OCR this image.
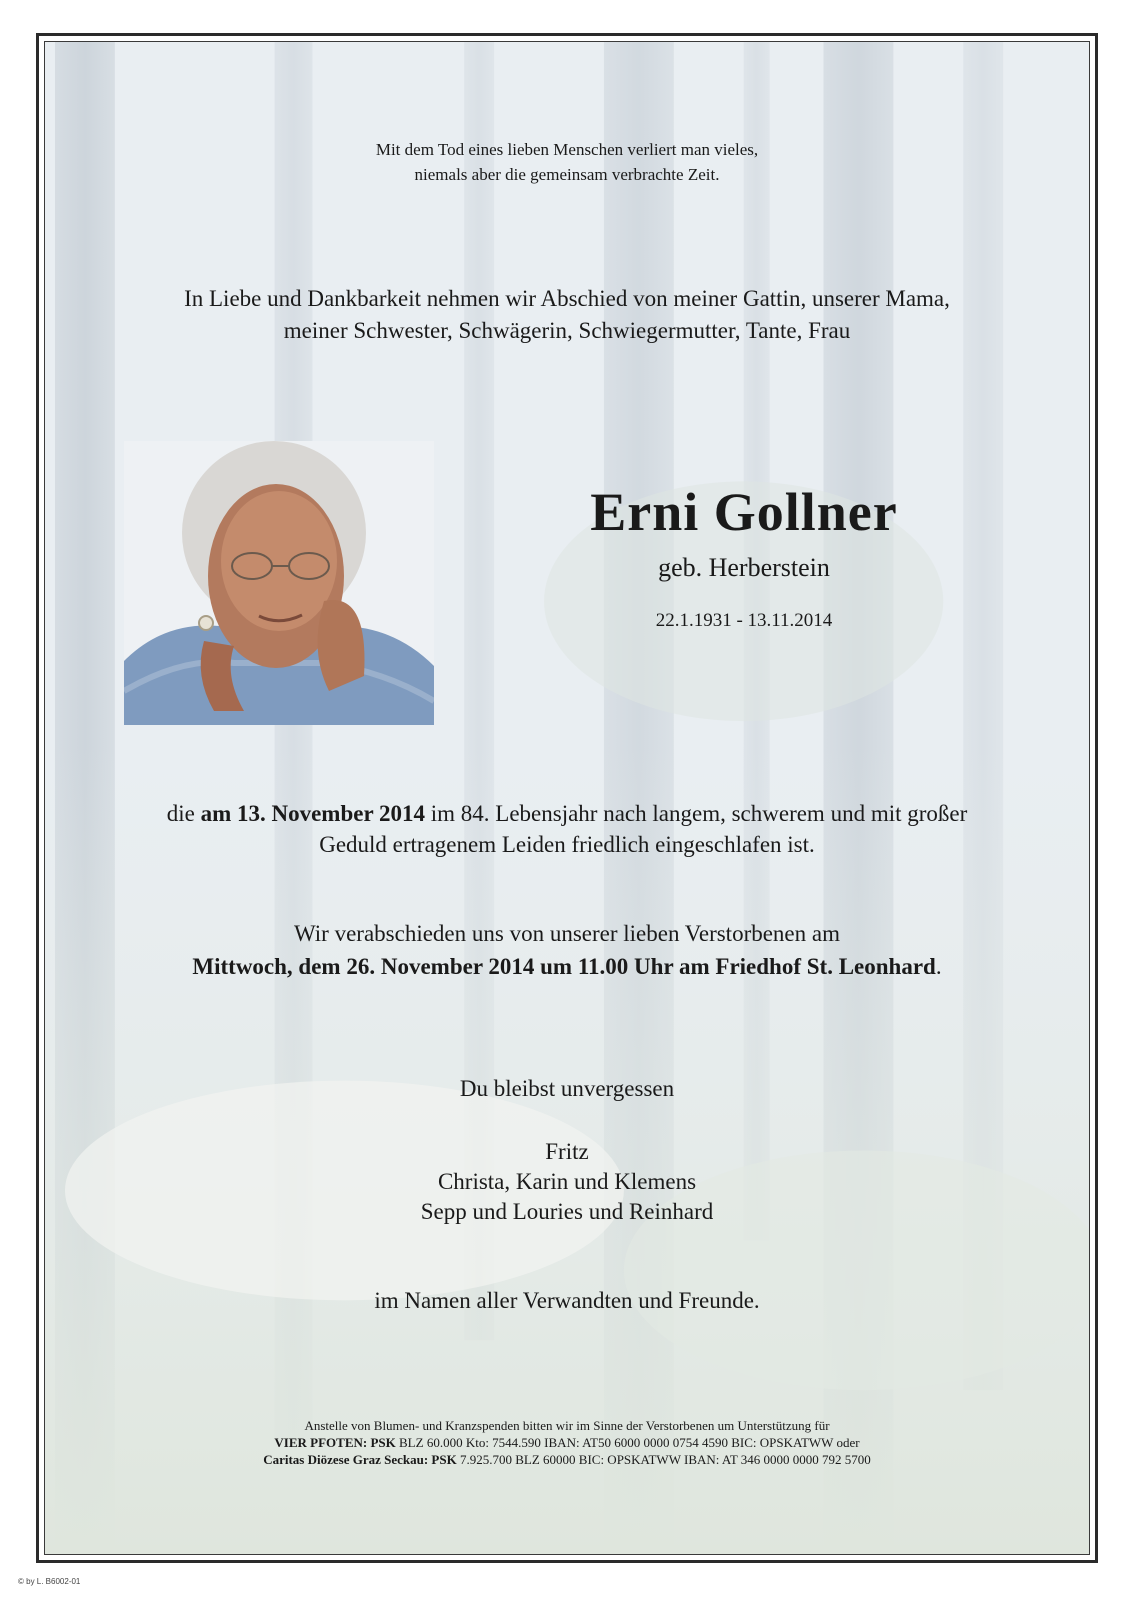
Mit dem Tod eines lieben Menschen verliert man vieles,
niemals aber die gemeinsam verbrachte Zeit.
In Liebe und Dankbarkeit nehmen wir Abschied von meiner Gattin, unserer Mama,
meiner Schwester, Schwägerin, Schwiegermutter, Tante, Frau
Erni Gollner
geb. Herberstein
22.1.1931 - 13.11.2014
die am 13. November 2014 im 84. Lebensjahr nach langem, schwerem und mit großer
Geduld ertragenem Leiden friedlich eingeschlafen ist.
Wir verabschieden uns von unserer lieben Verstorbenen am
Mittwoch, dem 26. November 2014 um 11.00 Uhr am Friedhof St. Leonhard.
Du bleibst unvergessen
Fritz
Christa, Karin und Klemens
Sepp und Louries und Reinhard
im Namen aller Verwandten und Freunde.
Anstelle von Blumen- und Kranzspenden bitten wir im Sinne der Verstorbenen um Unterstützung für
VIER PFOTEN: PSK BLZ 60.000 Kto: 7544.590 IBAN: AT50 6000 0000 0754 4590 BIC: OPSKATWW oder
Caritas Diözese Graz Seckau: PSK 7.925.700 BLZ 60000 BIC: OPSKATWW IBAN: AT 346 0000 0000 792 5700
© by L. B6002-01
